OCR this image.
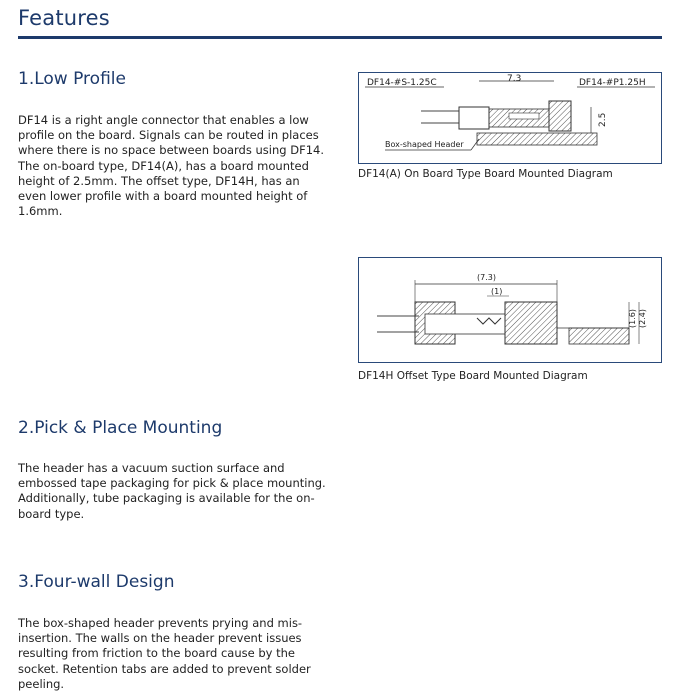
Features
1.Low Profile

DF14 is a right angle connector that enables a low profile on the board. Signals can be routed in places where there is no space between boards using DF14. The on-board type, DF14(A), has a board mounted height of 2.5mm. The offset type, DF14H, has an even lower profile with a board mounted height of 1.6mm.

2.Pick & Place Mounting

The header has a vacuum suction surface and embossed tape packaging for pick & place mounting.

Additionally, tube packaging is available for the on-board type.

3.Four-wall Design

The box-shaped header prevents prying and mis-insertion. The walls on the header prevent issues resulting from friction to the board cause by the socket. Retention tabs are added to prevent solder peeling.

DF14-#S-1.25C	DF14-#P1.25H
7.3
2.5
Box-shaped Header
DF14(A) On Board Type Board Mounted Diagram
(7.3)
(1)
(1.6) (2.4)
DF14H Offset Type Board Mounted Diagram
